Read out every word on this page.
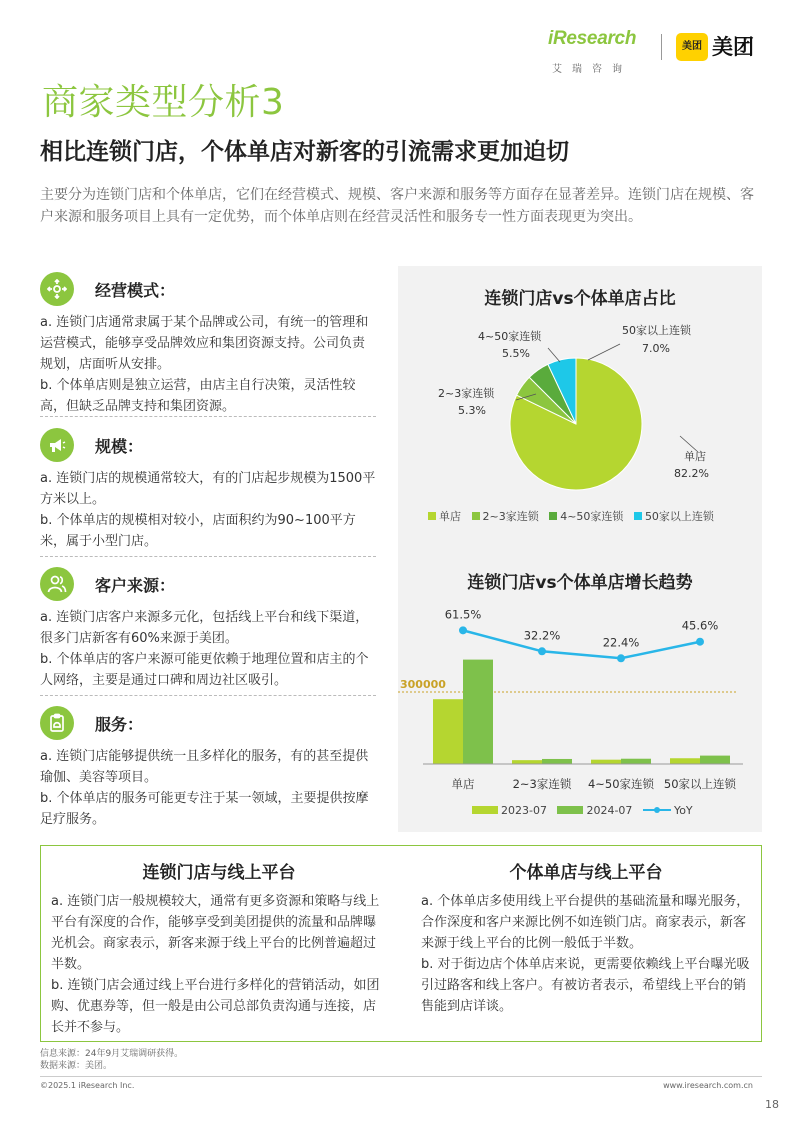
iResearch
艾瑞咨询
美团 美团
商家类型分析3
相比连锁门店，个体单店对新客的引流需求更加迫切

主要分为连锁门店和个体单店，它们在经营模式、规模、客户来源和服务等方面存在显著差异。连锁门店在规模、客户来源和服务项目上具有一定优势，而个体单店则在经营灵活性和服务专一性方面表现更为突出。

经营模式：

a. 连锁门店通常隶属于某个品牌或公司，有统一的管理和运营模式，能够享受品牌效应和集团资源支持。公司负责规划，店面听从安排。

b. 个体单店则是独立运营，由店主自行决策，灵活性较高，但缺乏品牌支持和集团资源。

规模：

a. 连锁门店的规模通常较大，有的门店起步规模为1500平方米以上。

b. 个体单店的规模相对较小，店面积约为90~100平方米，属于小型门店。

客户来源：

a. 连锁门店客户来源多元化，包括线上平台和线下渠道，很多门店新客有60%来源于美团。

b. 个体单店的客户来源可能更依赖于地理位置和店主的个人网络，主要是通过口碑和周边社区吸引。

服务：

a. 连锁门店能够提供统一且多样化的服务，有的甚至提供瑜伽、美容等项目。

b. 个体单店的服务可能更专注于某一领域，主要提供按摩足疗服务。

连锁门店vs个体单店占比
4~50家连锁
5.5%
50家以上连锁
7.0%
2~3家连锁
5.3%
单店
82.2%
单店 2~3家连锁 4~50家连锁 50家以上连锁
连锁门店vs个体单店增长趋势
300000
单店	2~3家连锁 4~50家连锁 50家以上连锁
61.5%
32.2%	22.4%
45.6%
2023-07	2024-07	YoY
连锁门店与线上平台

a. 连锁门店一般规模较大，通常有更多资源和策略与线上平台有深度的合作，能够享受到美团提供的流量和品牌曝光机会。商家表示，新客来源于线上平台的比例普遍超过半数。

b. 连锁门店会通过线上平台进行多样化的营销活动，如团购、优惠券等，但一般是由公司总部负责沟通与连接，店长并不参与。

个体单店与线上平台

a. 个体单店多使用线上平台提供的基础流量和曝光服务，合作深度和客户来源比例不如连锁门店。商家表示，新客来源于线上平台的比例一般低于半数。

b. 对于街边店个体单店来说，更需要依赖线上平台曝光吸引过路客和线上客户。有被访者表示，希望线上平台的销售能到店详谈。

信息来源：24年9月艾瑞调研获得。

数据来源：美团。

©2025.1 iResearch Inc.	www.iresearch.com.cn
18
